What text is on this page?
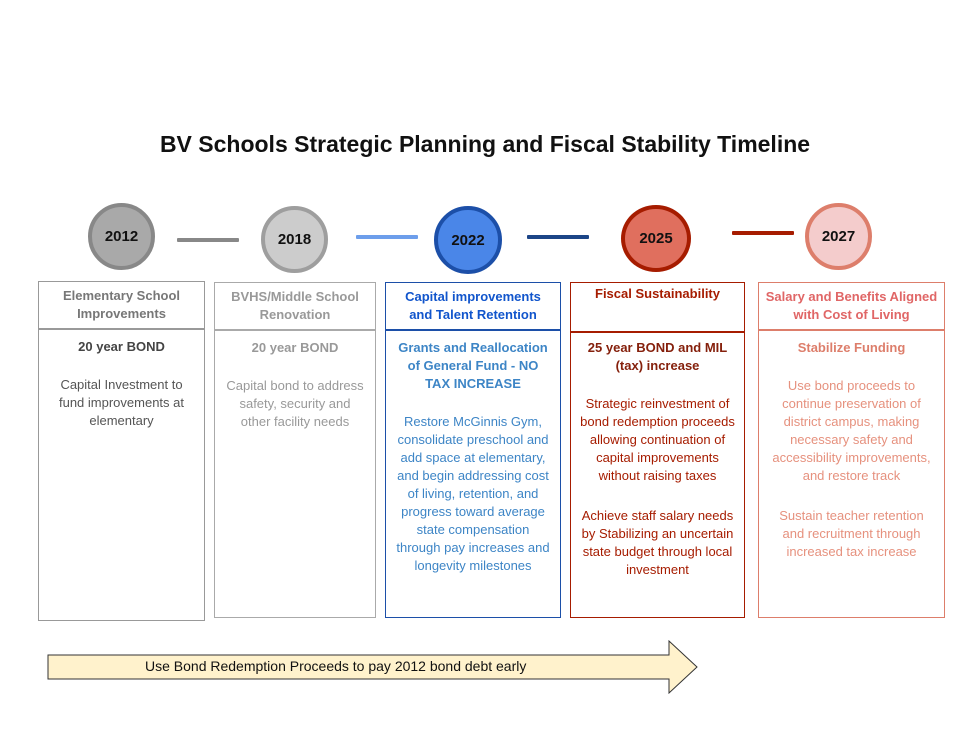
BV Schools Strategic Planning and Fiscal Stability Timeline
2012	2018	2022	2025	2027
Elementary School Improvements
20 year BOND

Capital Investment to fund improvements at elementary

BVHS/Middle School Renovation
20 year BOND

Capital bond to address safety, security and other facility needs

Capital improvements and Talent Retention
Grants and Reallocation of General Fund - NO TAX INCREASE

Restore McGinnis Gym, consolidate preschool and add space at elementary, and begin addressing cost of living, retention, and progress toward average state compensation through pay increases and longevity milestones

Fiscal Sustainability
25 year BOND and MIL (tax) increase

Strategic reinvestment of bond redemption proceeds allowing continuation of capital improvements without raising taxes

Achieve staff salary needs by Stabilizing an uncertain state budget through local investment

Salary and Benefits Aligned with Cost of Living
Stabilize Funding

Use bond proceeds to continue preservation of district campus, making necessary safety and accessibility improvements, and restore track

Sustain teacher retention and recruitment through increased tax increase

Use Bond Redemption Proceeds to pay 2012 bond debt early
